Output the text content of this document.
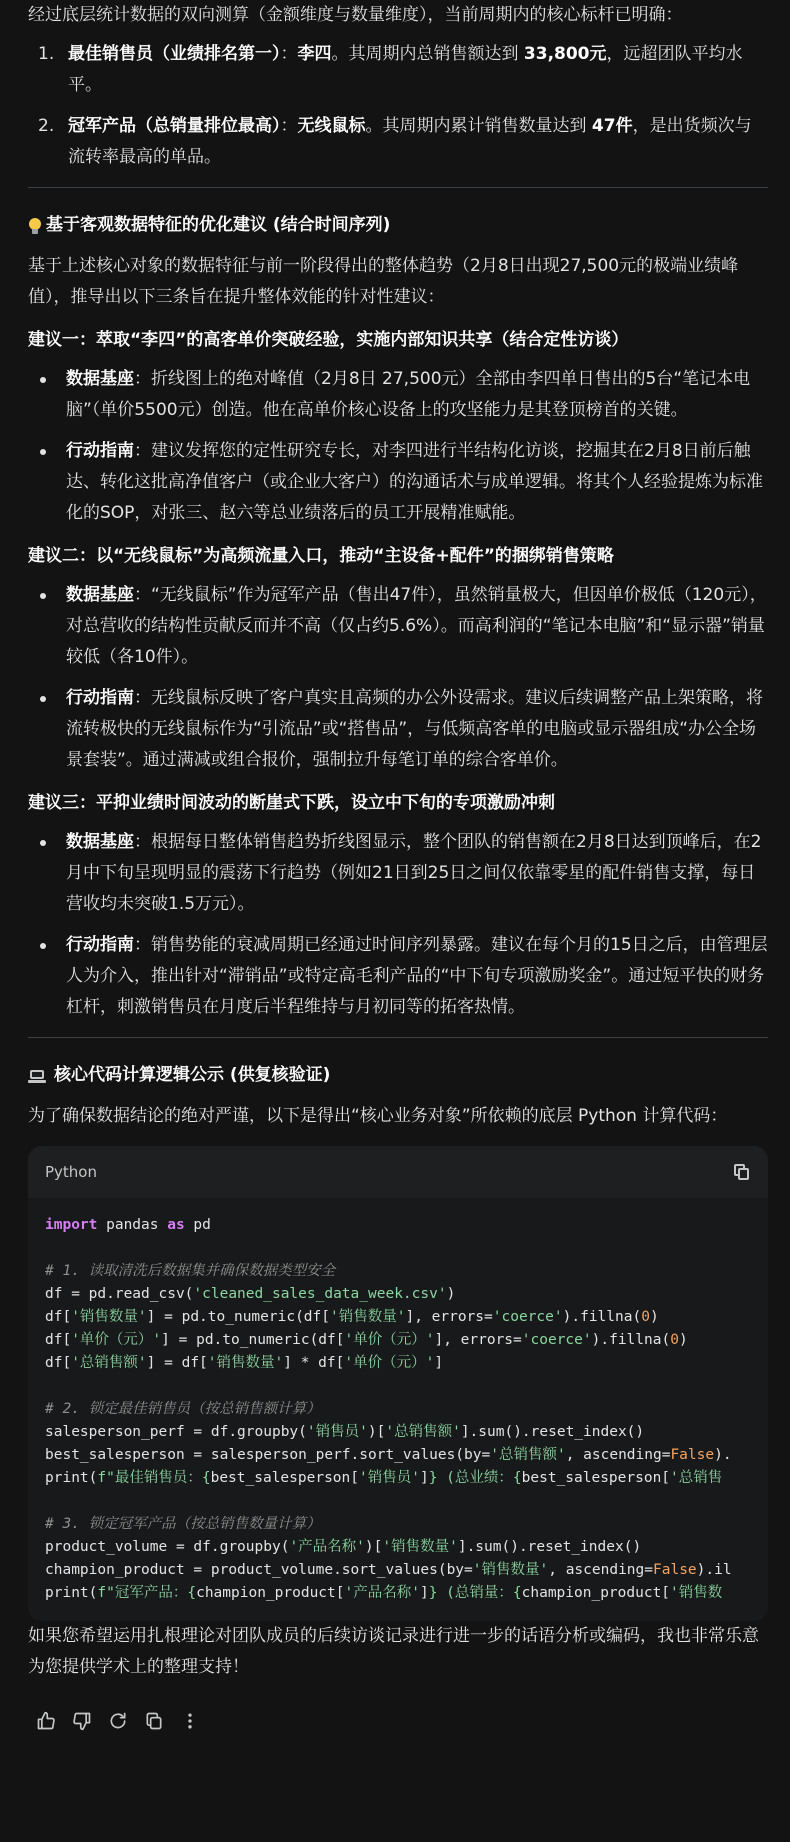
经过底层统计数据的双向测算（金额维度与数量维度），当前周期内的核心标杆已明确：

1. 最佳销售员（业绩排名第一）：李四。其周期内总销售额达到 33,800元，远超团队平均水平。
2. 冠军产品（总销量排位最高）：无线鼠标。其周期内累计销售数量达到 47件，是出货频次与流转率最高的单品。
基于客观数据特征的优化建议 (结合时间序列)

基于上述核心对象的数据特征与前一阶段得出的整体趋势（2月8日出现27,500元的极端业绩峰值），推导出以下三条旨在提升整体效能的针对性建议：

建议一：萃取“李四”的高客单价突破经验，实施内部知识共享（结合定性访谈）
数据基座：折线图上的绝对峰值（2月8日 27,500元）全部由李四单日售出的5台“笔记本电脑”（单价5500元）创造。他在高单价核心设备上的攻坚能力是其登顶榜首的关键。
行动指南：建议发挥您的定性研究专长，对李四进行半结构化访谈，挖掘其在2月8日前后触达、转化这批高净值客户（或企业大客户）的沟通话术与成单逻辑。将其个人经验提炼为标准化的SOP，对张三、赵六等总业绩落后的员工开展精准赋能。
建议二：以“无线鼠标”为高频流量入口，推动“主设备+配件”的捆绑销售策略
数据基座：“无线鼠标”作为冠军产品（售出47件），虽然销量极大，但因单价极低（120元），对总营收的结构性贡献反而并不高（仅占约5.6%）。而高利润的“笔记本电脑”和“显示器”销量较低（各10件）。
行动指南：无线鼠标反映了客户真实且高频的办公外设需求。建议后续调整产品上架策略，将流转极快的无线鼠标作为“引流品”或“搭售品”，与低频高客单的电脑或显示器组成“办公全场景套装”。通过满减或组合报价，强制拉升每笔订单的综合客单价。
建议三：平抑业绩时间波动的断崖式下跌，设立中下旬的专项激励冲刺
数据基座：根据每日整体销售趋势折线图显示，整个团队的销售额在2月8日达到顶峰后，在2月中下旬呈现明显的震荡下行趋势（例如21日到25日之间仅依靠零星的配件销售支撑，每日营收均未突破1.5万元）。
行动指南：销售势能的衰减周期已经通过时间序列暴露。建议在每个月的15日之后，由管理层人为介入，推出针对“滞销品”或特定高毛利产品的“中下旬专项激励奖金”。通过短平快的财务杠杆，刺激销售员在月度后半程维持与月初同等的拓客热情。
核心代码计算逻辑公示 (供复核验证)

为了确保数据结论的绝对严谨，以下是得出“核心业务对象”所依赖的底层 Python 计算代码：

Python
import pandas as pd

# 1. 读取清洗后数据集并确保数据类型安全
df = pd.read_csv('cleaned_sales_data_week.csv')
df['销售数量'] = pd.to_numeric(df['销售数量'], errors='coerce').fillna(0)
df['单价（元）'] = pd.to_numeric(df['单价（元）'], errors='coerce').fillna(0)
df['总销售额'] = df['销售数量'] * df['单价（元）']

# 2. 锁定最佳销售员（按总销售额计算）
salesperson_perf = df.groupby('销售员')['总销售额'].sum().reset_index()
best_salesperson = salesperson_perf.sort_values(by='总销售额', ascending=False).
print(f"最佳销售员：{best_salesperson['销售员']} (总业绩：{best_salesperson['总销售

# 3. 锁定冠军产品（按总销售数量计算）
product_volume = df.groupby('产品名称')['销售数量'].sum().reset_index()
champion_product = product_volume.sort_values(by='销售数量', ascending=False).il
print(f"冠军产品：{champion_product['产品名称']} (总销量：{champion_product['销售数

如果您希望运用扎根理论对团队成员的后续访谈记录进行进一步的话语分析或编码，我也非常乐意为您提供学术上的整理支持！
